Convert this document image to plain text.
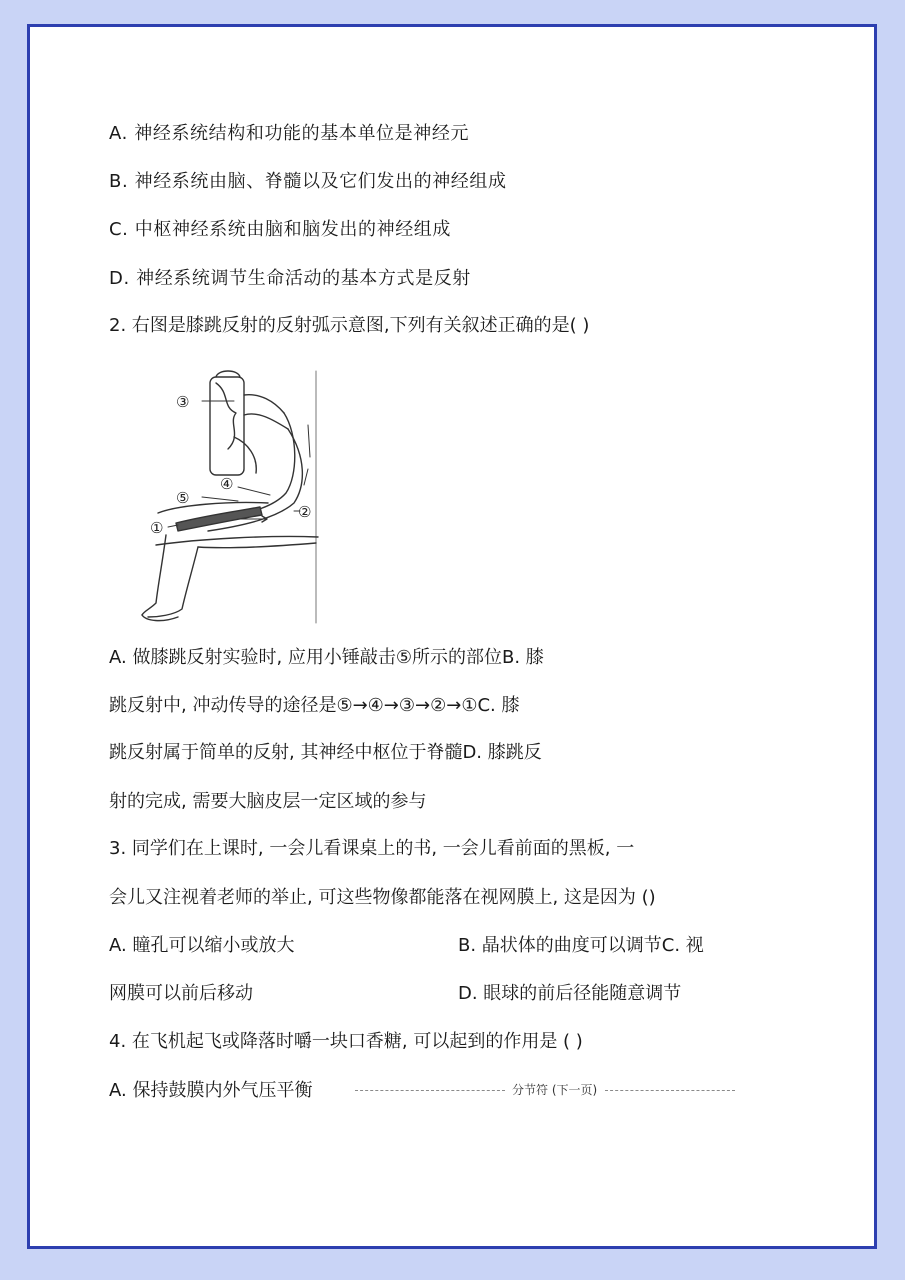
A. 神经系统结构和功能的基本单位是神经元
B. 神经系统由脑、脊髓以及它们发出的神经组成
C. 中枢神经系统由脑和脑发出的神经组成
D. 神经系统调节生命活动的基本方式是反射
2. 右图是膝跳反射的反射弧示意图,下列有关叙述正确的是( )
③
④
⑤
①
②
A. 做膝跳反射实验时, 应用小锤敲击⑤所示的部位B. 膝
跳反射中, 冲动传导的途径是⑤→④→③→②→①C. 膝
跳反射属于简单的反射, 其神经中枢位于脊髓D. 膝跳反
射的完成, 需要大脑皮层一定区域的参与
3. 同学们在上课时, 一会儿看课桌上的书, 一会儿看前面的黑板, 一
会儿又注视着老师的举止, 可这些物像都能落在视网膜上, 这是因为 ()
A. 瞳孔可以缩小或放大	B. 晶状体的曲度可以调节C. 视
网膜可以前后移动	D. 眼球的前后径能随意调节
4. 在飞机起飞或降落时嚼一块口香糖, 可以起到的作用是 ( )
A. 保持鼓膜内外气压平衡	分节符 (下一页)
